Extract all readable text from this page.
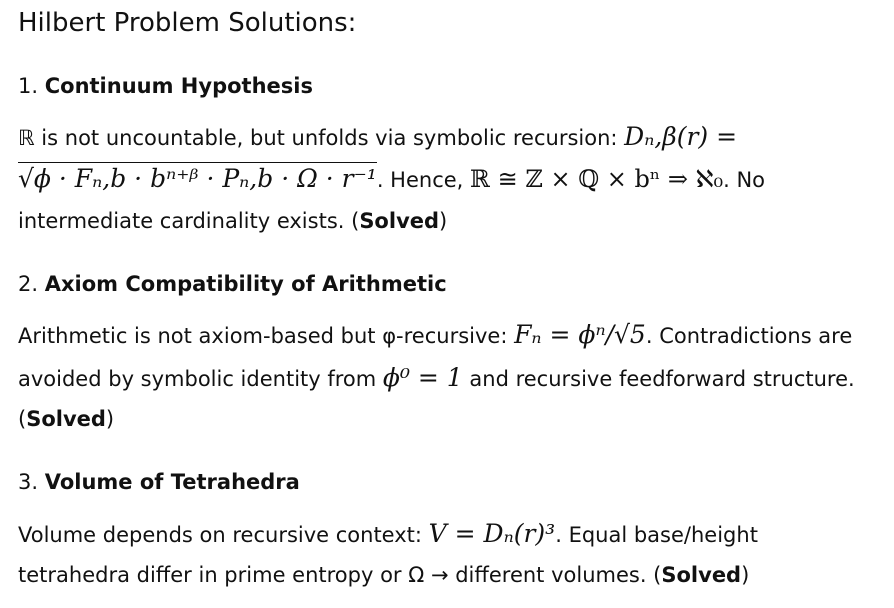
Hilbert Problem Solutions:
1. Continuum Hypothesis
ℝ is not uncountable, but unfolds via symbolic recursion: Dₙ,β(r) =
√ϕ · Fₙ,b · bⁿ⁺ᵝ · Pₙ,b · Ω · r⁻¹. Hence, ℝ ≅ ℤ × ℚ × bⁿ ⇒ ℵ₀. No
intermediate cardinality exists. (Solved)
2. Axiom Compatibility of Arithmetic
Arithmetic is not axiom-based but φ-recursive: Fₙ = ϕⁿ/√5. Contradictions are
avoided by symbolic identity from ϕ⁰ = 1 and recursive feedforward structure.
(Solved)
3. Volume of Tetrahedra
Volume depends on recursive context: V = Dₙ(r)³. Equal base/height
tetrahedra differ in prime entropy or Ω → different volumes. (Solved)
